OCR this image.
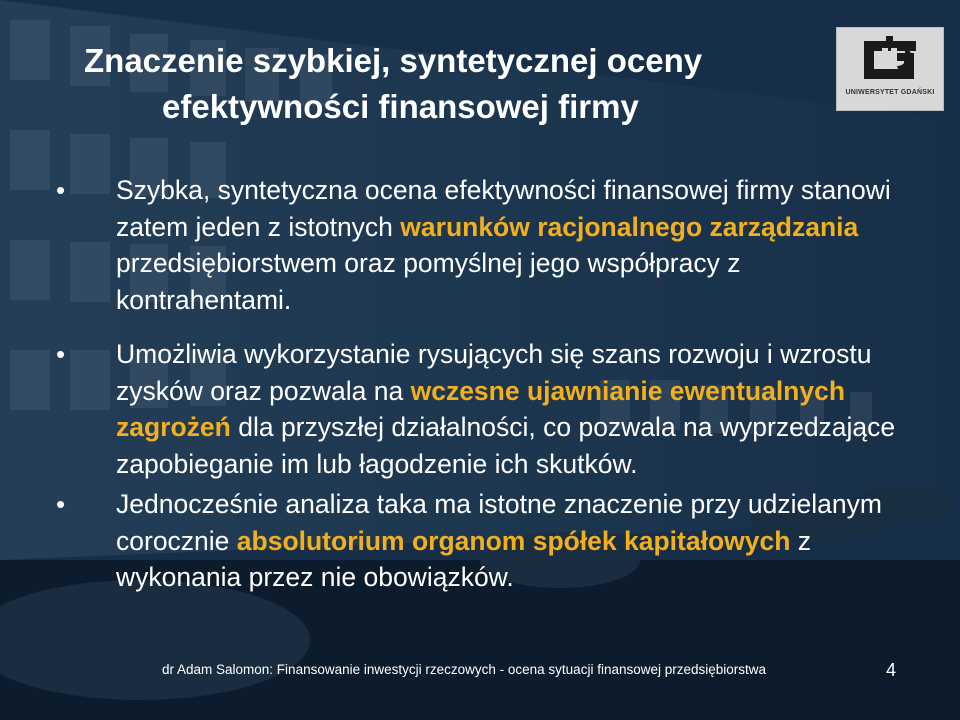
Znaczenie szybkiej, syntetycznej oceny
efektywności finansowej firmy	UNIWERSYTET GDAŃSKI
•	Szybka, syntetyczna ocena efektywności finansowej firmy stanowi zatem jeden z istotnych warunków racjonalnego zarządzania przedsiębiorstwem oraz pomyślnej jego współpracy z kontrahentami.
•	Umożliwia wykorzystanie rysujących się szans rozwoju i wzrostu zysków oraz pozwala na wczesne ujawnianie ewentualnych zagrożeń dla przyszłej działalności, co pozwala na wyprzedzające zapobieganie im lub łagodzenie ich skutków.
•	Jednocześnie analiza taka ma istotne znaczenie przy udzielanym corocznie absolutorium organom spółek kapitałowych z wykonania przez nie obowiązków.
dr Adam Salomon: Finansowanie inwestycji rzeczowych - ocena sytuacji finansowej przedsiębiorstwa	4
